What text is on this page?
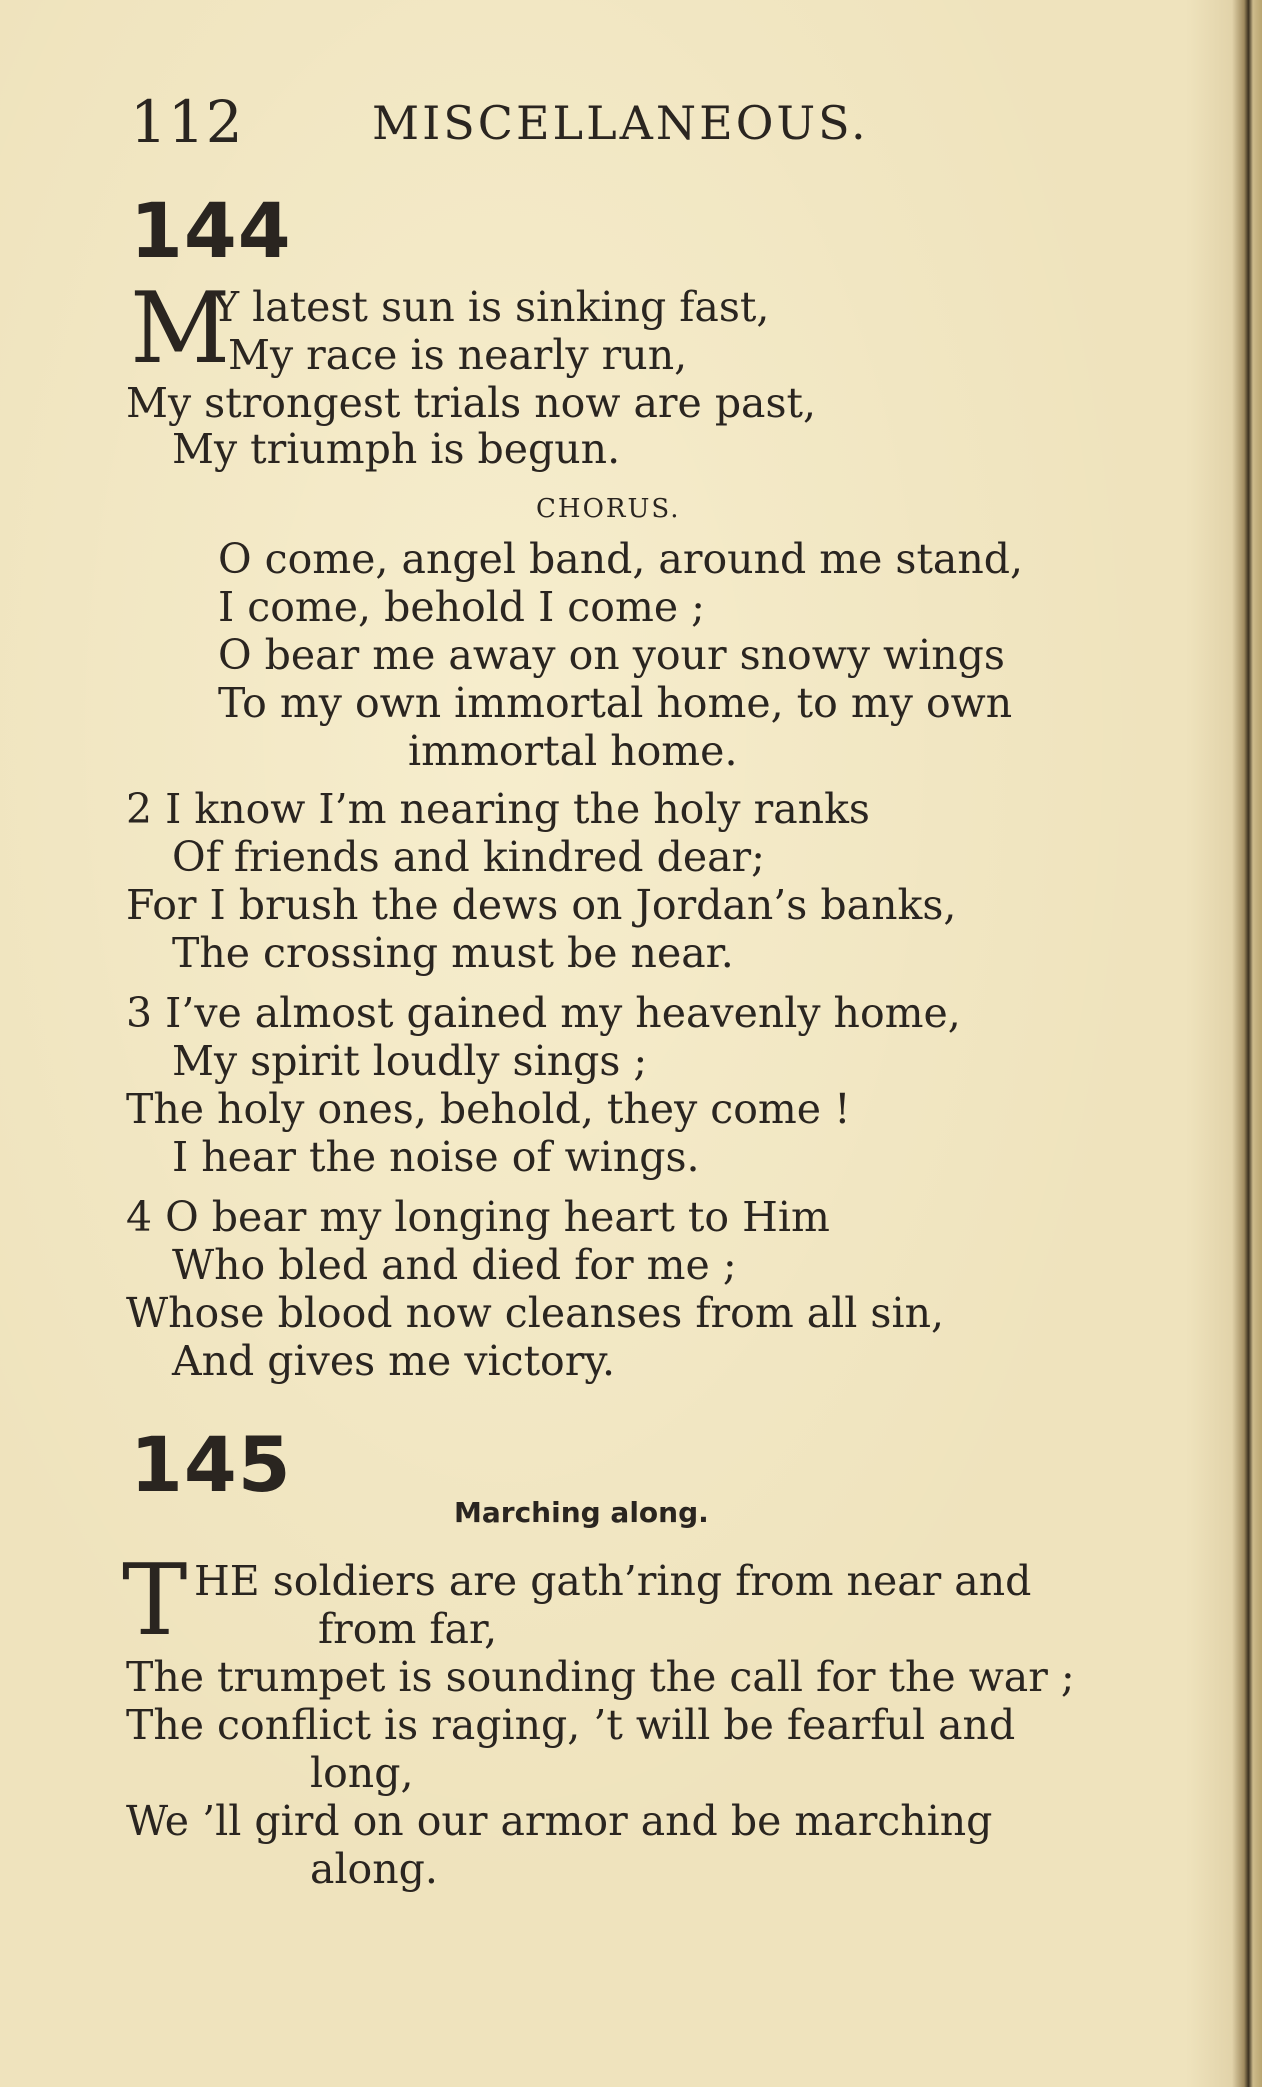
112	MISCELLANEOUS.
144
M
Y latest sun is sinking fast,
My race is nearly run,
My strongest trials now are past,
My triumph is begun.
CHORUS.
O come, angel band, around me stand,
I come, behold I come ;
O bear me away on your snowy wings
To my own immortal home, to my own
immortal home.
2 I know I’m nearing the holy ranks
Of friends and kindred dear;
For I brush the dews on Jordan’s banks,
The crossing must be near.
3 I’ve almost gained my heavenly home,
My spirit loudly sings ;
The holy ones, behold, they come !
I hear the noise of wings.
4 O bear my longing heart to Him
Who bled and died for me ;
Whose blood now cleanses from all sin,
And gives me victory.
145
Marching along.
T HE soldiers are gath’ring from near and
from far,
The trumpet is sounding the call for the war ;
The conflict is raging, ’t will be fearful and
long,
We ’ll gird on our armor and be marching
along.
